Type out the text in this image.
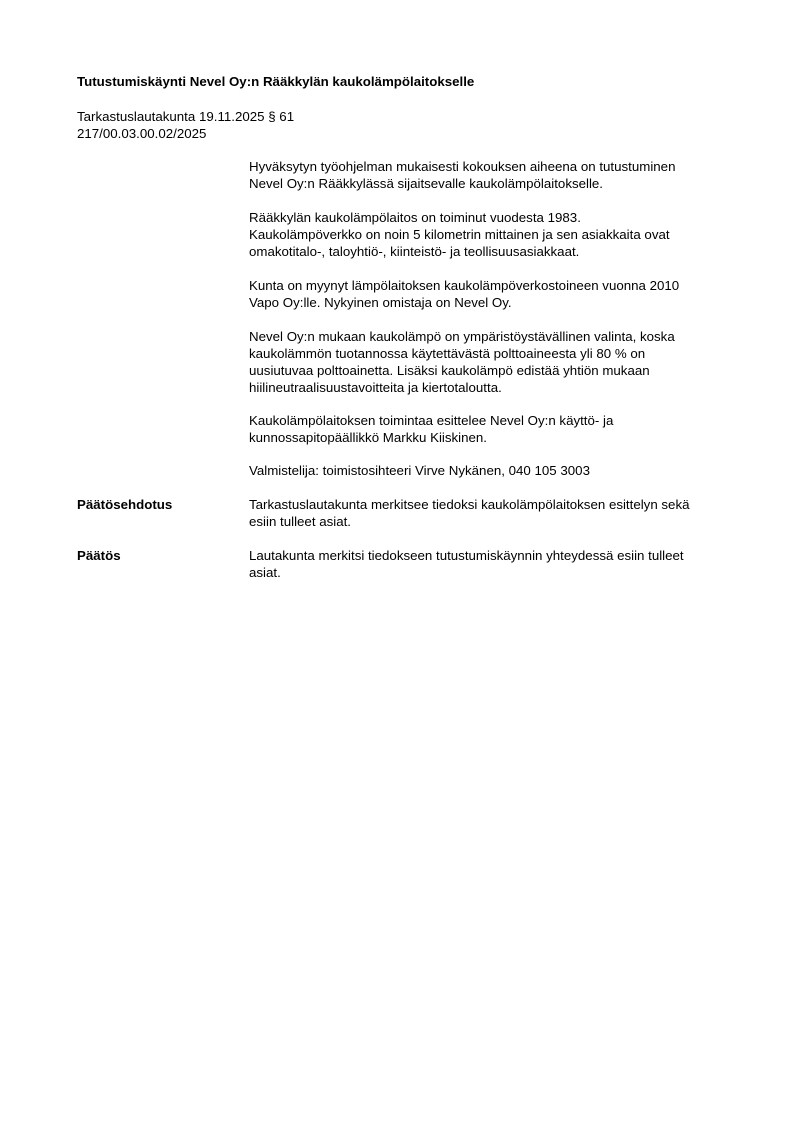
Tutustumiskäynti Nevel Oy:n Rääkkylän kaukolämpölaitokselle
Tarkastuslautakunta 19.11.2025 § 61
217/00.03.00.02/2025

Hyväksytyn työohjelman mukaisesti kokouksen aiheena on tutustuminen
Nevel Oy:n Rääkkylässä sijaitsevalle kaukolämpölaitokselle.

Rääkkylän kaukolämpölaitos on toiminut vuodesta 1983.
Kaukolämpöverkko on noin 5 kilometrin mittainen ja sen asiakkaita ovat
omakotitalo-, taloyhtiö-, kiinteistö- ja teollisuusasiakkaat.

Kunta on myynyt lämpölaitoksen kaukolämpöverkostoineen vuonna 2010
Vapo Oy:lle. Nykyinen omistaja on Nevel Oy.

Nevel Oy:n mukaan kaukolämpö on ympäristöystävällinen valinta, koska
kaukolämmön tuotannossa käytettävästä polttoaineesta yli 80 % on
uusiutuvaa polttoainetta. Lisäksi kaukolämpö edistää yhtiön mukaan
hiilineutraalisuustavoitteita ja kiertotaloutta.

Kaukolämpölaitoksen toimintaa esittelee Nevel Oy:n käyttö- ja
kunnossapitopäällikkö Markku Kiiskinen.

Valmistelija: toimistosihteeri Virve Nykänen, 040 105 3003

Tarkastuslautakunta merkitsee tiedoksi kaukolämpölaitoksen esittelyn sekä
esiin tulleet asiat.

Lautakunta merkitsi tiedokseen tutustumiskäynnin yhteydessä esiin tulleet
asiat.

Päätösehdotus
Päätös
